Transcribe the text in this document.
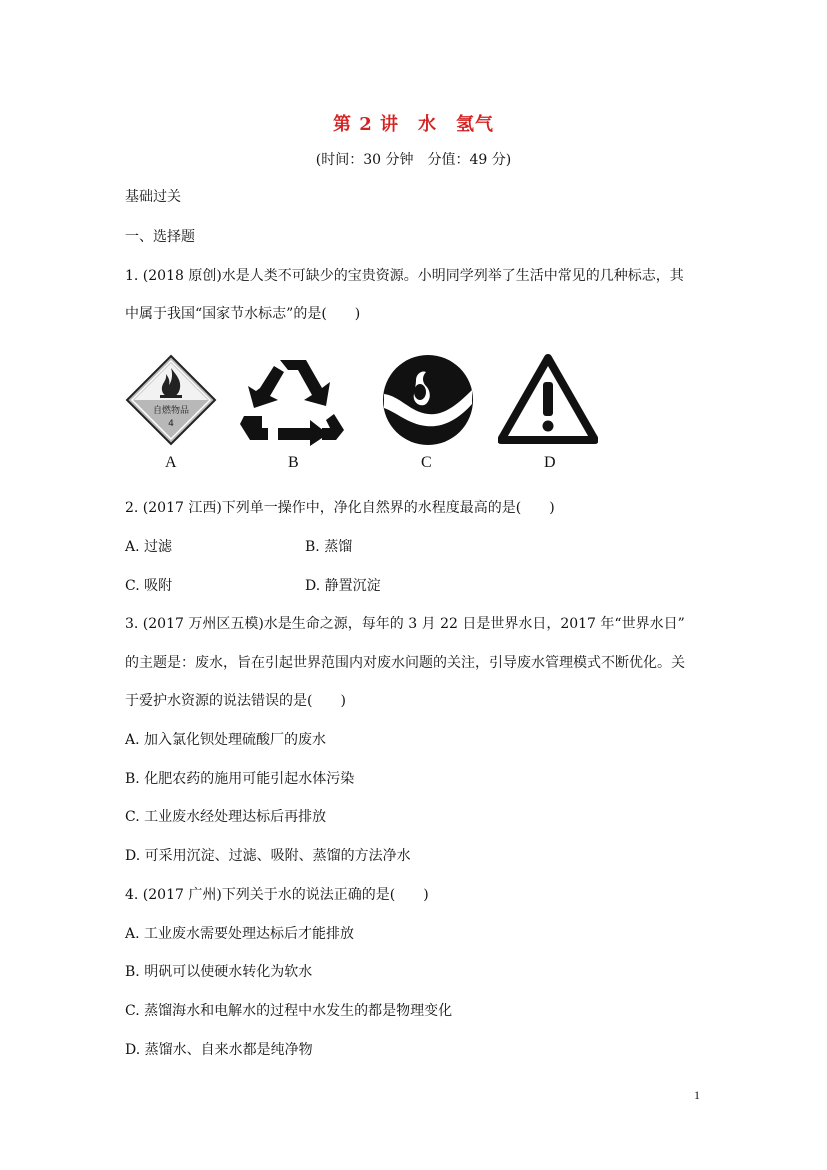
第 2 讲　水　氢气
(时间：30 分钟　分值：49 分)
基础过关
一、选择题
1. (2018 原创)水是人类不可缺少的宝贵资源。小明同学列举了生活中常见的几种标志，其
中属于我国“国家节水标志”的是(　　)
自燃物品
4
A	B	C	D
2. (2017 江西)下列单一操作中，净化自然界的水程度最高的是(　　)
A. 过滤	B. 蒸馏
C. 吸附	D. 静置沉淀
3. (2017 万州区五模)水是生命之源，每年的 3 月 22 日是世界水日，2017 年“世界水日”
的主题是：废水，旨在引起世界范围内对废水问题的关注，引导废水管理模式不断优化。关
于爱护水资源的说法错误的是(　　)
A. 加入氯化钡处理硫酸厂的废水
B. 化肥农药的施用可能引起水体污染
C. 工业废水经处理达标后再排放
D. 可采用沉淀、过滤、吸附、蒸馏的方法净水
4. (2017 广州)下列关于水的说法正确的是(　　)
A. 工业废水需要处理达标后才能排放
B. 明矾可以使硬水转化为软水
C. 蒸馏海水和电解水的过程中水发生的都是物理变化
D. 蒸馏水、自来水都是纯净物
1
